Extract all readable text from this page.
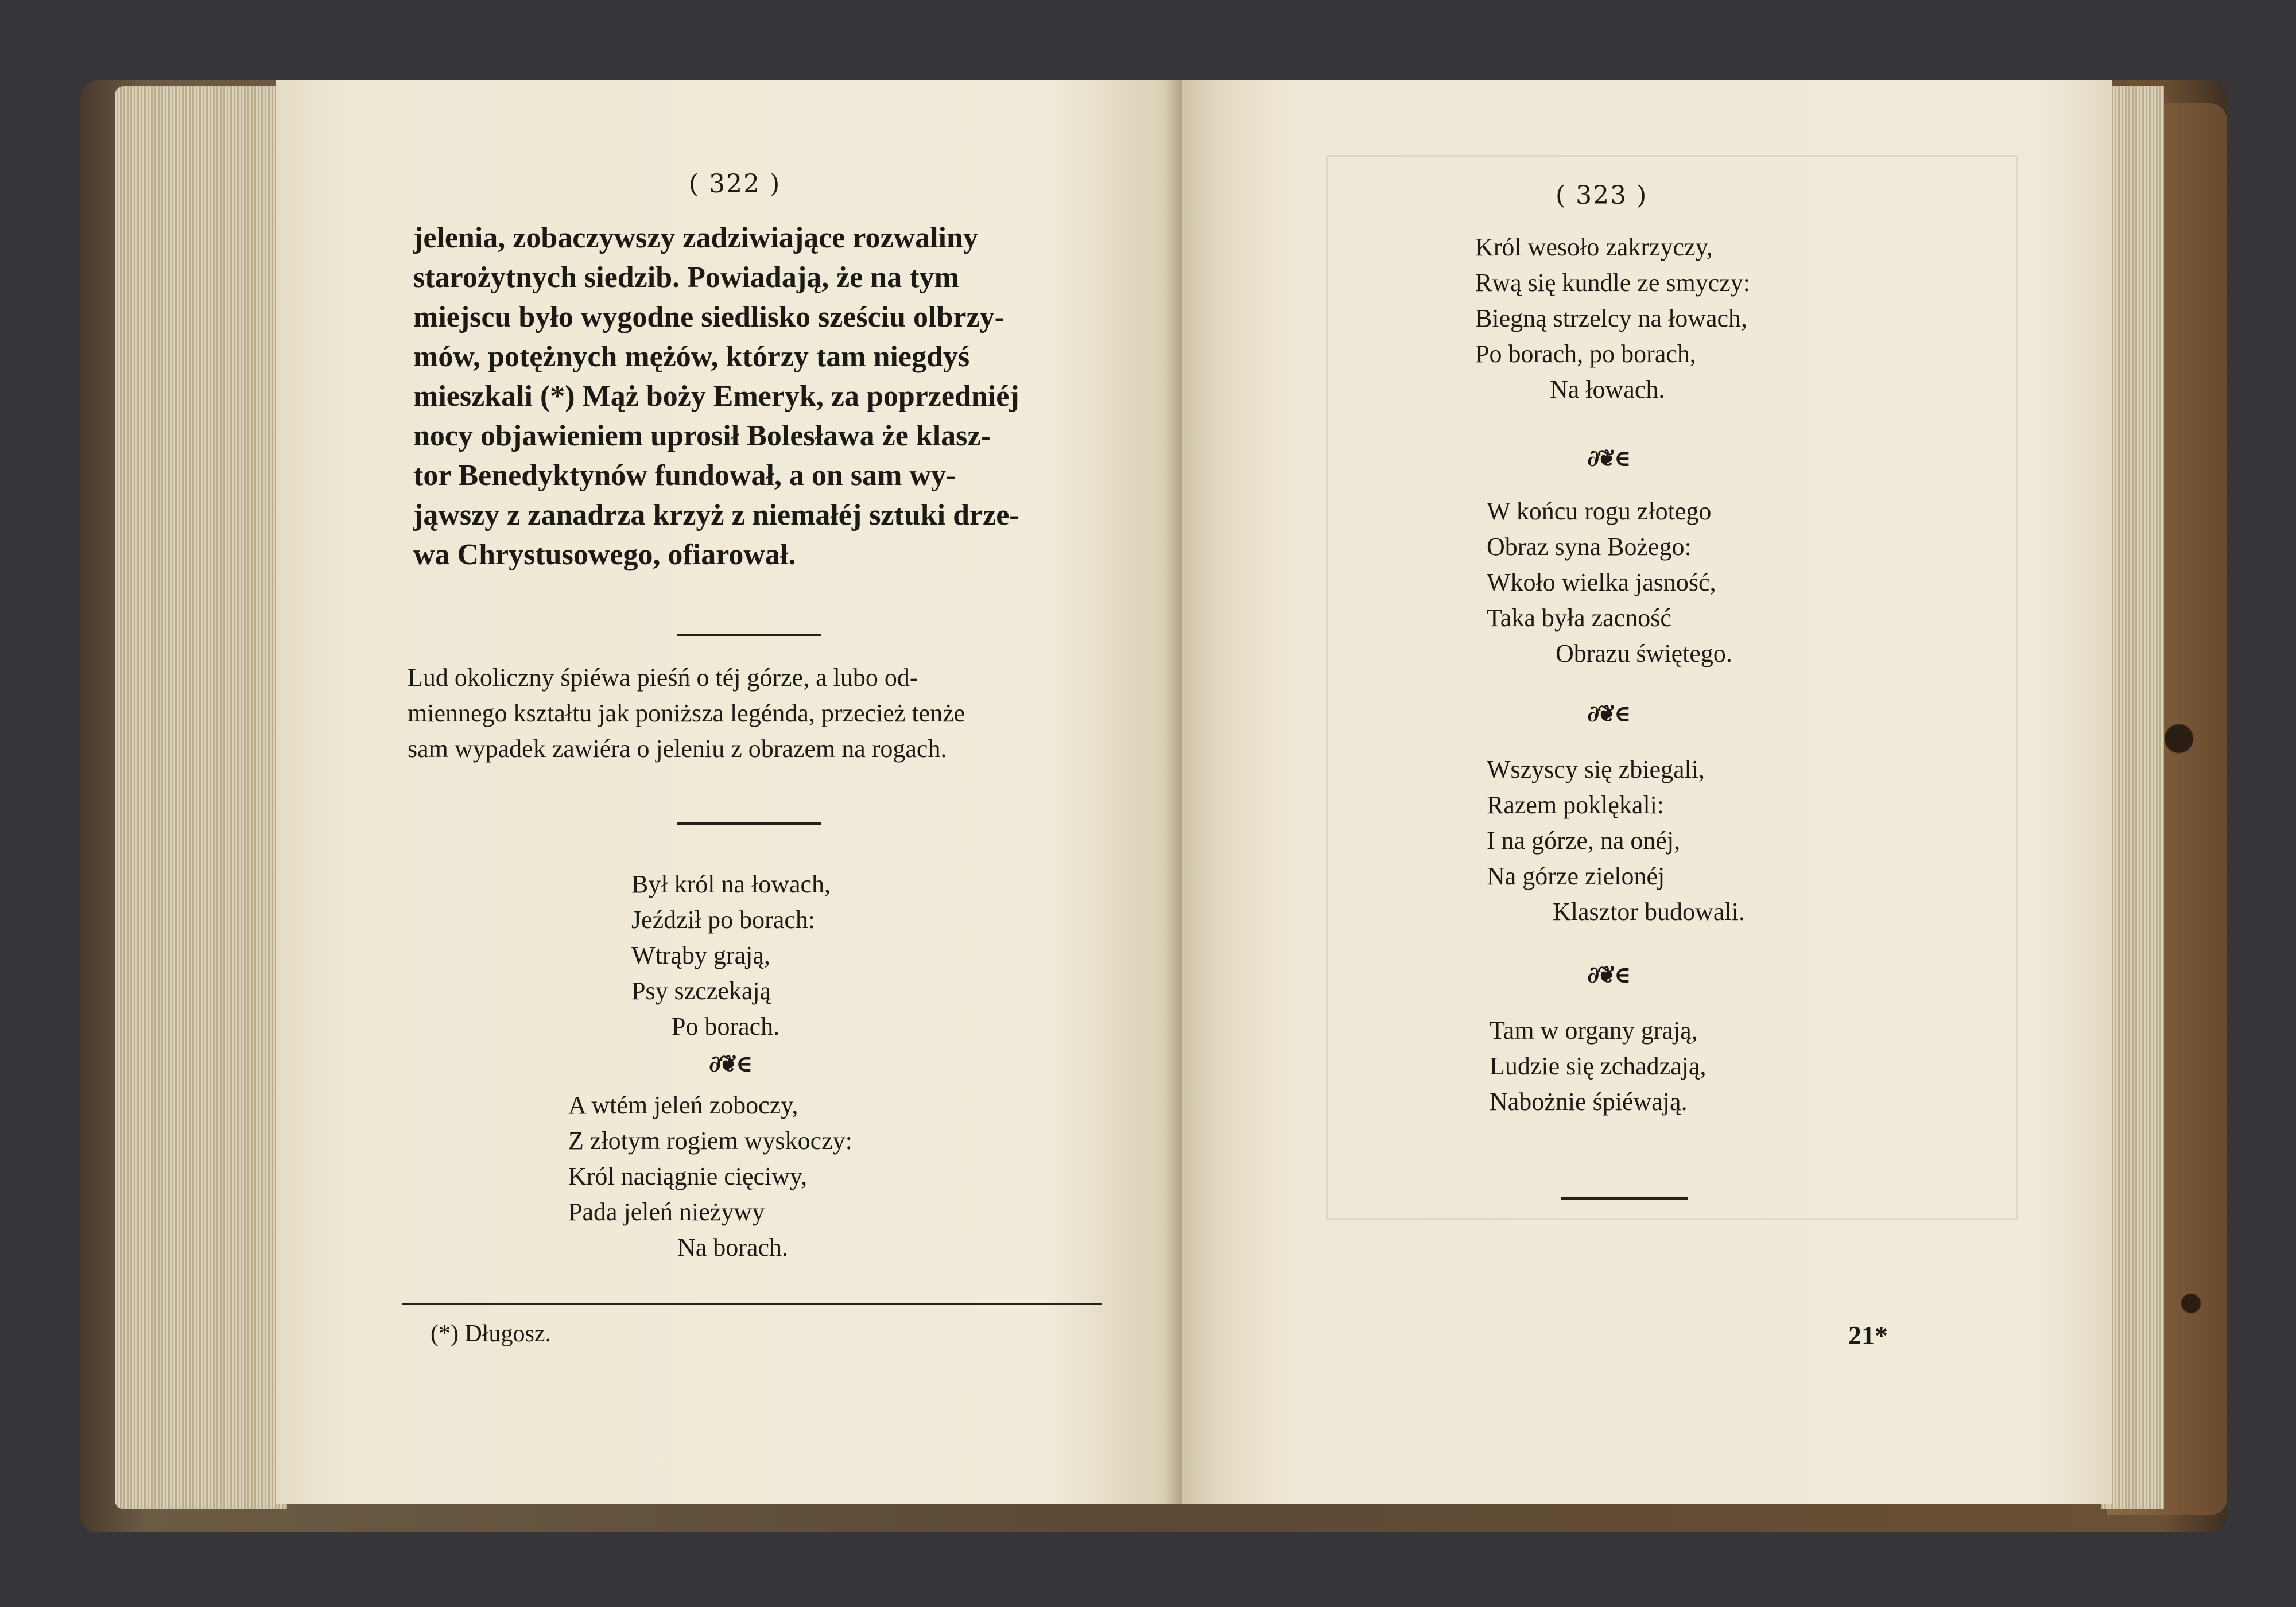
( 322 )
jelenia, zobaczywszy zadziwiające rozwaliny
starożytnych siedzib. Powiadają, że na tym
miejscu było wygodne siedlisko sześciu olbrzy-
mów, potężnych mężów, którzy tam niegdyś
mieszkali (*) Mąż boży Emeryk, za poprzedniéj
nocy objawieniem uprosił Bolesława że klasz-
tor Benedyktynów fundował, a on sam wy-
jąwszy z zanadrza krzyż z niemałéj sztuki drze-
wa Chrystusowego, ofiarował.
Lud okoliczny śpiéwa pieśń o téj górze, a lubo od-
miennego kształtu jak poniższa legénda, przecież tenże
sam wypadek zawiéra o jeleniu z obrazem na rogach.
Był król na łowach,
Jeździł po borach:
Wtrąby grają,
Psy szczekają
Po borach.
∂❦∈
A wtém jeleń zoboczy,
Z złotym rogiem wyskoczy:
Król naciągnie cięciwy,
Pada jeleń nieżywy
Na borach.
(*) Długosz.
( 323 )
Król wesoło zakrzyczy,
Rwą się kundle ze smyczy:
Biegną strzelcy na łowach,
Po borach, po borach,
Na łowach.
∂❦∈
W końcu rogu złotego
Obraz syna Bożego:
Wkoło wielka jasność,
Taka była zacność
Obrazu świętego.
∂❦∈
Wszyscy się zbiegali,
Razem poklękali:
I na górze, na onéj,
Na górze zielonéj
Klasztor budowali.
∂❦∈
Tam w organy grają,
Ludzie się zchadzają,
Nabożnie śpiéwają.
21*
